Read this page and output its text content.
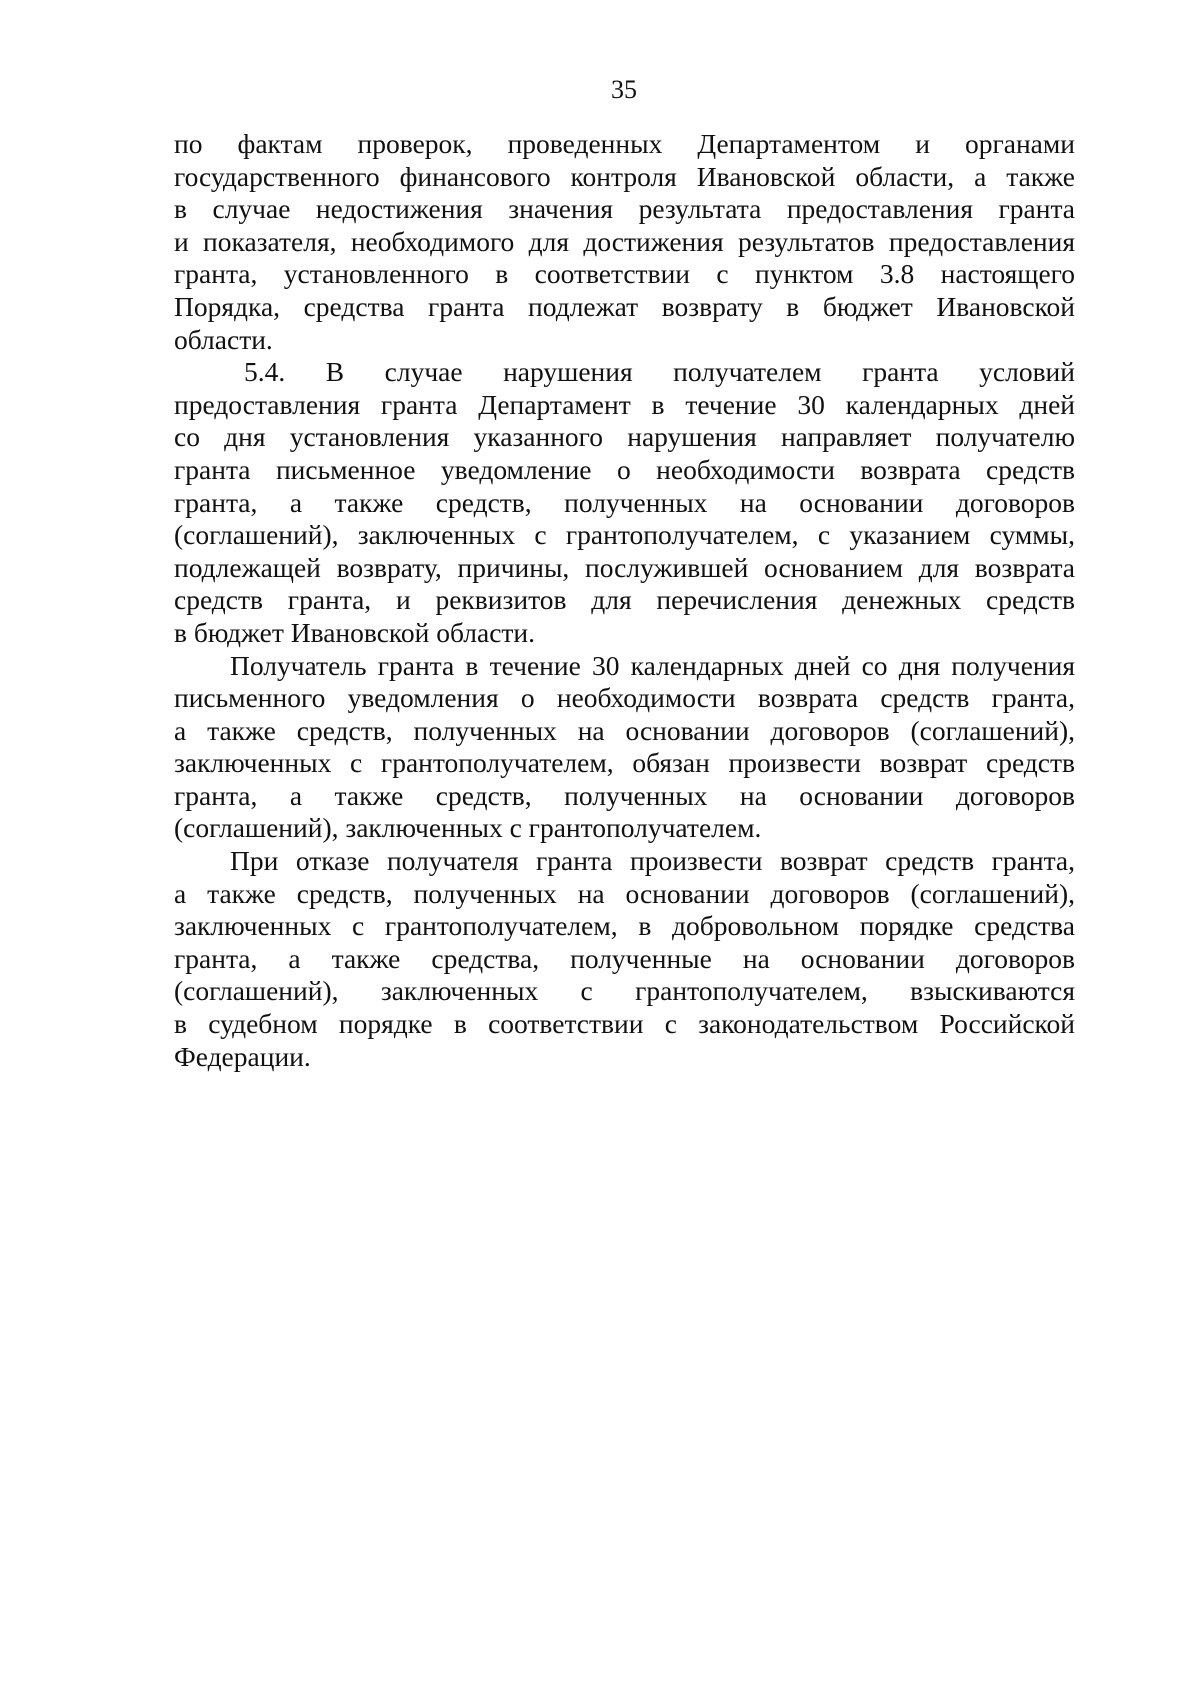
35
по фактам проверок, проведенных Департаментом и органами
государственного финансового контроля Ивановской области, а также
в случае недостижения значения результата предоставления гранта
и показателя, необходимого для достижения результатов предоставления
гранта, установленного в соответствии с пунктом 3.8 настоящего
Порядка, средства гранта подлежат возврату в бюджет Ивановской
области.
5.4. В случае нарушения получателем гранта условий
предоставления гранта Департамент в течение 30 календарных дней
со дня установления указанного нарушения направляет получателю
гранта письменное уведомление о необходимости возврата средств
гранта, а также средств, полученных на основании договоров
(соглашений), заключенных с грантополучателем, с указанием суммы,
подлежащей возврату, причины, послужившей основанием для возврата
средств гранта, и реквизитов для перечисления денежных средств
в бюджет Ивановской области.
Получатель гранта в течение 30 календарных дней со дня получения
письменного уведомления о необходимости возврата средств гранта,
а также средств, полученных на основании договоров (соглашений),
заключенных с грантополучателем, обязан произвести возврат средств
гранта, а также средств, полученных на основании договоров
(соглашений), заключенных с грантополучателем.
При отказе получателя гранта произвести возврат средств гранта,
а также средств, полученных на основании договоров (соглашений),
заключенных с грантополучателем, в добровольном порядке средства
гранта, а также средства, полученные на основании договоров
(соглашений), заключенных с грантополучателем, взыскиваются
в судебном порядке в соответствии с законодательством Российской
Федерации.
